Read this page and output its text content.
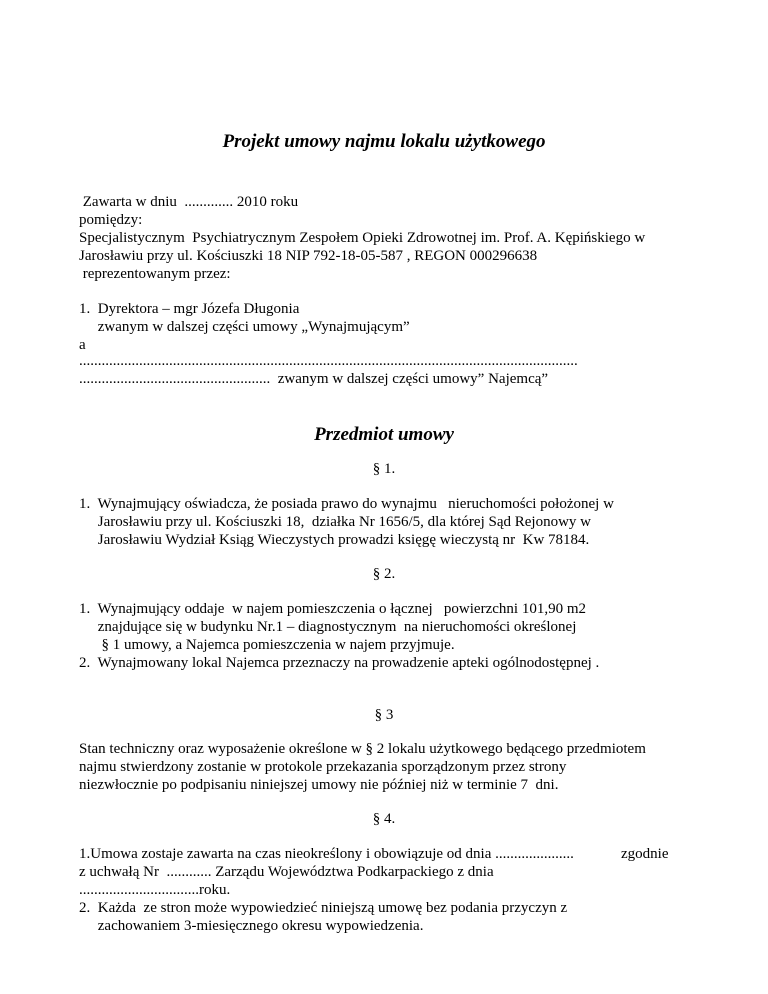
Projekt umowy najmu lokalu użytkowego
Zawarta w dniu  ............. 2010 roku
pomiędzy:
Specjalistycznym  Psychiatrycznym Zespołem Opieki Zdrowotnej im. Prof. A. Kępińskiego w
Jarosławiu przy ul. Kościuszki 18 NIP 792-18-05-587 , REGON 000296638
reprezentowanym przez:
1.  Dyrektora – mgr Józefa Długonia
zwanym w dalszej części umowy „Wynajmującym”
a
.....................................................................................................................................
...................................................  zwanym w dalszej części umowy” Najemcą”
Przedmiot umowy
§ 1.
1.  Wynajmujący oświadcza, że posiada prawo do wynajmu   nieruchomości położonej w
Jarosławiu przy ul. Kościuszki 18,  działka Nr 1656/5, dla której Sąd Rejonowy w
Jarosławiu Wydział Ksiąg Wieczystych prowadzi księgę wieczystą nr  Kw 78184.
§ 2.
1.  Wynajmujący oddaje  w najem pomieszczenia o łącznej   powierzchni 101,90 m2
znajdujące się w budynku Nr.1 – diagnostycznym  na nieruchomości określonej
§ 1 umowy, a Najemca pomieszczenia w najem przyjmuje.
2.  Wynajmowany lokal Najemca przeznaczy na prowadzenie apteki ogólnodostępnej .
§ 3
Stan techniczny oraz wyposażenie określone w § 2 lokalu użytkowego będącego przedmiotem
najmu stwierdzony zostanie w protokole przekazania sporządzonym przez strony
niezwłocznie po podpisaniu niniejszej umowy nie później niż w terminie 7  dni.
§ 4.
1.Umowa zostaje zawarta na czas nieokreślony i obowiązuje od dnia .....................	zgodnie
z uchwałą Nr  ............ Zarządu Województwa Podkarpackiego z dnia
................................roku.
2.  Każda  ze stron może wypowiedzieć niniejszą umowę bez podania przyczyn z
zachowaniem 3-miesięcznego okresu wypowiedzenia.
